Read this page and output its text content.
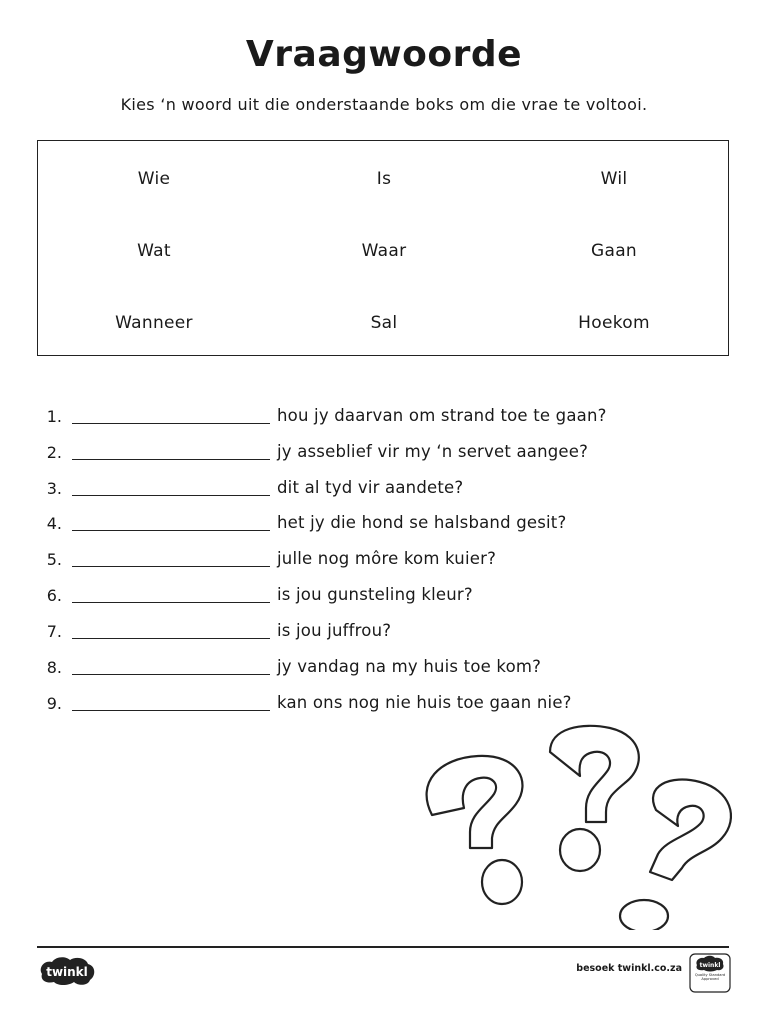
Vraagwoorde
Kies ‘n woord uit die onderstaande boks om die vrae te voltooi.
Wie	Is	Wil
Wat	Waar	Gaan
Wanneer	Sal	Hoekom
1.	hou jy daarvan om strand toe te gaan?
2.	jy asseblief vir my ‘n servet aangee?
3.	dit al tyd vir aandete?
4.	het jy die hond se halsband gesit?
5.	julle nog môre kom kuier?
6.	is jou gunsteling kleur?
7.	is jou juffrou?
8.	jy vandag na my huis toe kom?
9.	kan ons nog nie huis toe gaan nie?
twinkl	besoek twinkl.co.za	twinkl
Quality Standard Approved
